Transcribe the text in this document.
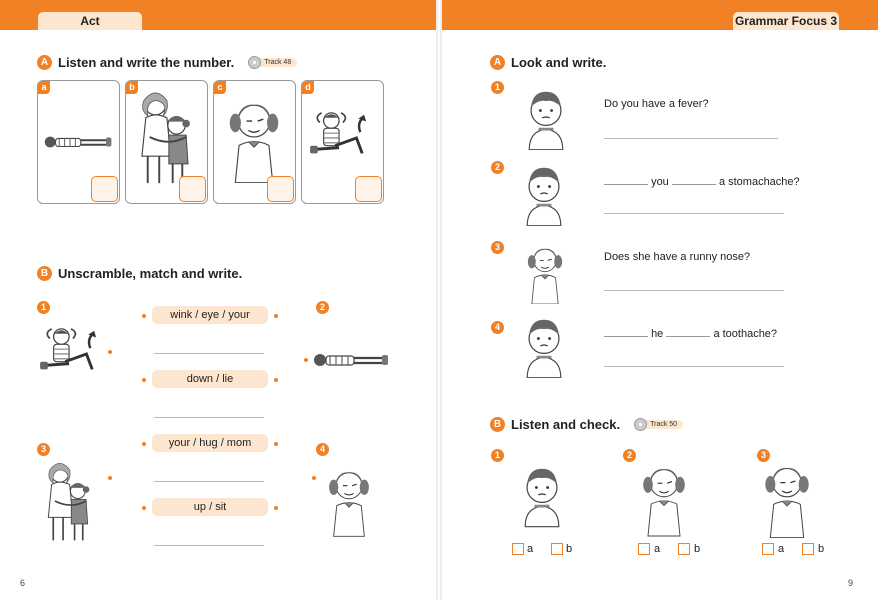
Act	Grammar Focus 3
A Listen and write the number.	Track 48
a	b	c	d
B Unscramble, match and write.
1	2
3	4
wink / eye / your
down / lie
your / hug / mom
up / sit
6
A Look and write.
1
Do you have a fever?
2
you	a stomachache?
3
Does she have a runny nose?
4
he	a toothache?
B Listen and check.	Track 50
1
a	b
2
a	b
3
a	b
9
